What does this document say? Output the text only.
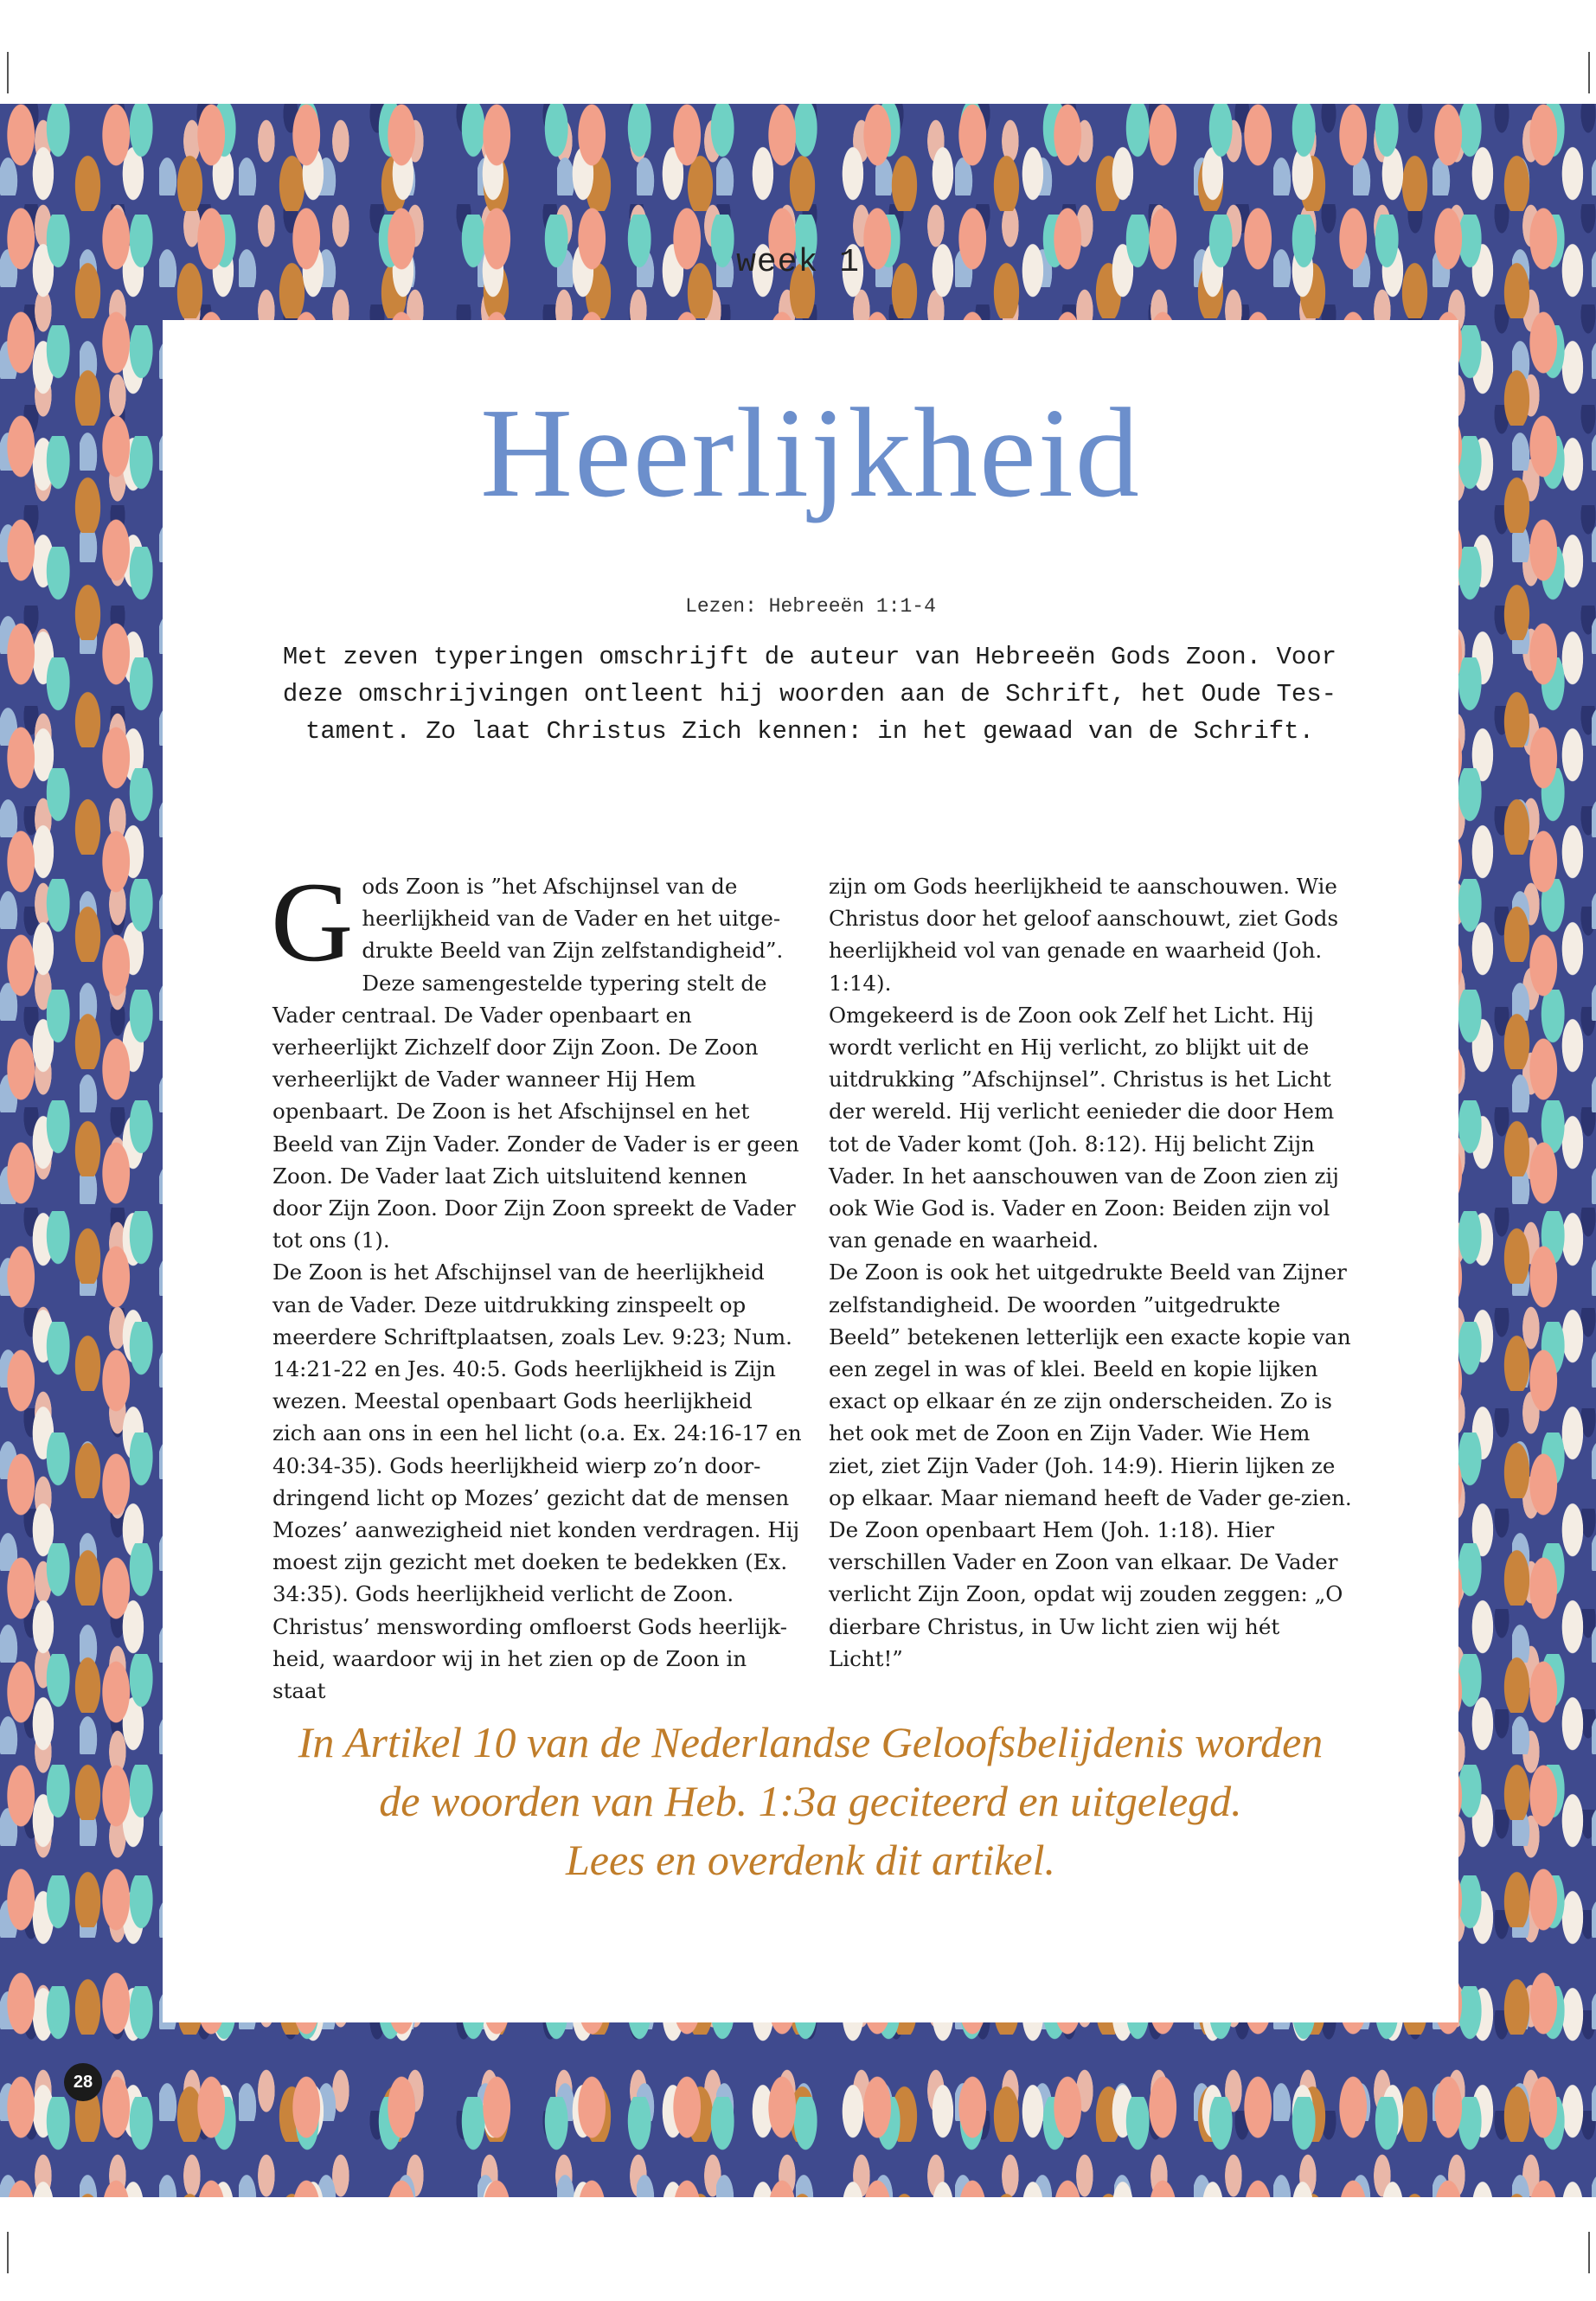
week 1
Heerlijkheid
Lezen: Hebreeën 1:1-4
Met zeven typeringen omschrijft de auteur van Hebreeën Gods Zoon. Voor
deze omschrijvingen ontleent hij woorden aan de Schrift, het Oude Tes-
tament. Zo laat Christus Zich kennen: in het gewaad van de Schrift.
G ods Zoon is ”het Afschijnsel van de heerlijkheid van de Vader en het uitge-drukte Beeld van Zijn zelfstandigheid”. Deze samengestelde typering stelt de Vader centraal. De Vader openbaart en verheerlijkt Zichzelf door Zijn Zoon. De Zoon verheerlijkt de Vader wanneer Hij Hem openbaart. De Zoon is het Afschijnsel en het Beeld van Zijn Vader. Zonder de Vader is er geen Zoon. De Vader laat Zich uitsluitend kennen door Zijn Zoon. Door Zijn Zoon spreekt de Vader tot ons (1).

De Zoon is het Afschijnsel van de heerlijkheid van de Vader. Deze uitdrukking zinspeelt op meerdere Schriftplaatsen, zoals Lev. 9:23; Num. 14:21-22 en Jes. 40:5. Gods heerlijkheid is Zijn wezen. Meestal openbaart Gods heerlijkheid zich aan ons in een hel licht (o.a. Ex. 24:16-17 en 40:34-35). Gods heerlijkheid wierp zo’n door-dringend licht op Mozes’ gezicht dat de mensen Mozes’ aanwezigheid niet konden verdragen. Hij moest zijn gezicht met doeken te bedekken (Ex. 34:35). Gods heerlijkheid verlicht de Zoon. Christus’ menswording omfloerst Gods heerlijk-heid, waardoor wij in het zien op de Zoon in staat

zijn om Gods heerlijkheid te aanschouwen. Wie Christus door het geloof aanschouwt, ziet Gods heerlijkheid vol van genade en waarheid (Joh. 1:14).

Omgekeerd is de Zoon ook Zelf het Licht. Hij wordt verlicht en Hij verlicht, zo blijkt uit de uitdrukking ”Afschijnsel”. Christus is het Licht der wereld. Hij verlicht eenieder die door Hem tot de Vader komt (Joh. 8:12). Hij belicht Zijn Vader. In het aanschouwen van de Zoon zien zij ook Wie God is. Vader en Zoon: Beiden zijn vol van genade en waarheid.

De Zoon is ook het uitgedrukte Beeld van Zijner zelfstandigheid. De woorden ”uitgedrukte Beeld” betekenen letterlijk een exacte kopie van een zegel in was of klei. Beeld en kopie lijken exact op elkaar én ze zijn onderscheiden. Zo is het ook met de Zoon en Zijn Vader. Wie Hem ziet, ziet Zijn Vader (Joh. 14:9). Hierin lijken ze op elkaar. Maar niemand heeft de Vader ge-zien. De Zoon openbaart Hem (Joh. 1:18). Hier verschillen Vader en Zoon van elkaar. De Vader verlicht Zijn Zoon, opdat wij zouden zeggen: „O dierbare Christus, in Uw licht zien wij hét Licht!”

In Artikel 10 van de Nederlandse Geloofsbelijdenis worden
de woorden van Heb. 1:3a geciteerd en uitgelegd.
Lees en overdenk dit artikel.
28
